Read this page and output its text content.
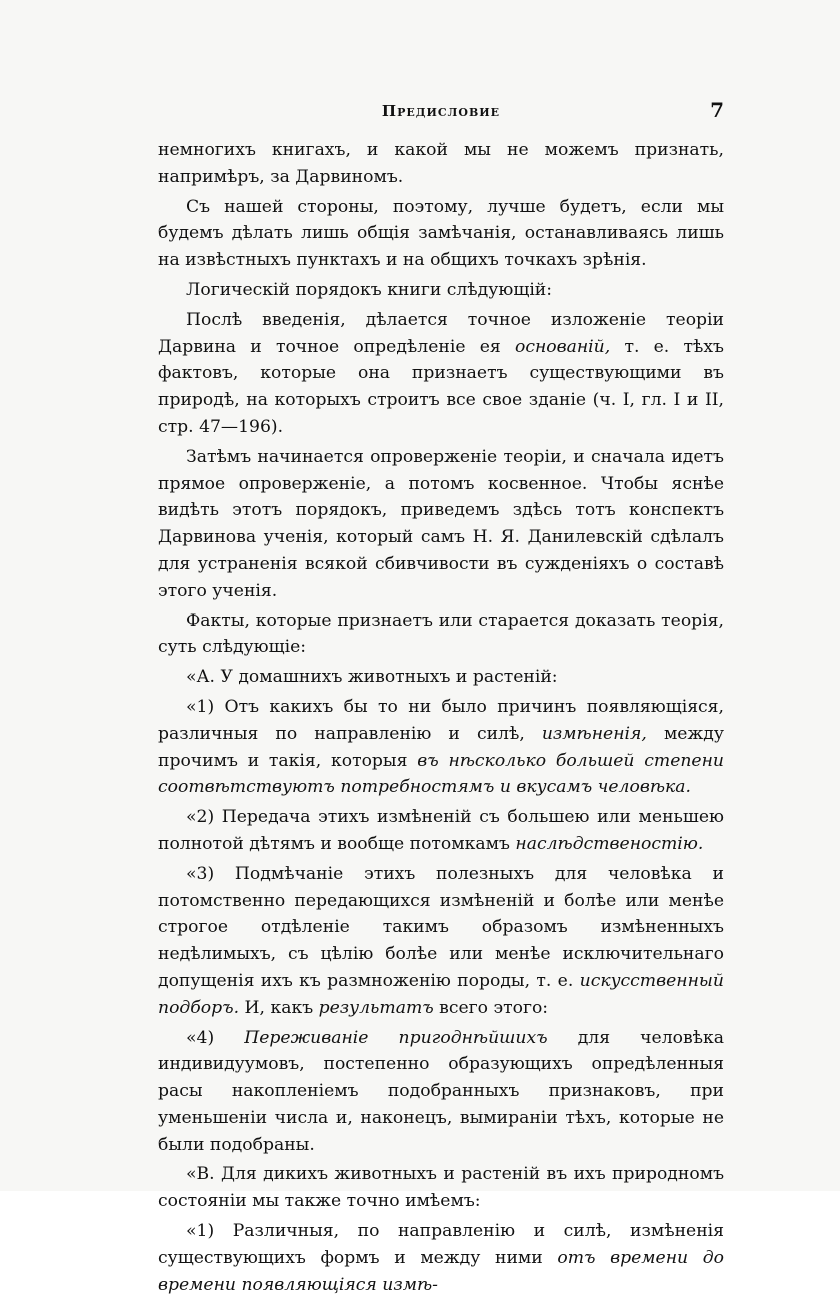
Предисловие	7

немногихъ книгахъ, и какой мы не можемъ признать, напримѣръ, за Дарвиномъ.

Съ нашей стороны, поэтому, лучше будетъ, если мы будемъ дѣлать лишь общія замѣчанія, останавливаясь лишь на извѣстныхъ пунктахъ и на общихъ точкахъ зрѣнія.

Логическій порядокъ книги слѣдующій:

Послѣ введенія, дѣлается точное изложеніе теоріи Дарвина и точное опредѣленіе ея основаній, т. е. тѣхъ фактовъ, которые она признаетъ существующими въ природѣ, на которыхъ строитъ все свое зданіе (ч. I, гл. I и II, стр. 47—196).

Затѣмъ начинается опроверженіе теоріи, и сначала идетъ прямое опроверженіе, а потомъ косвенное. Чтобы яснѣе видѣть этотъ порядокъ, приведемъ здѣсь тотъ конспектъ Дарвинова ученія, который самъ Н. Я. Данилевскій сдѣлалъ для устраненія всякой сбивчивости въ сужденіяхъ о составѣ этого ученія.

Факты, которые признаетъ или старается доказать теорія, суть слѣдующіе:

«А. У домашнихъ животныхъ и растеній:

«1) Отъ какихъ бы то ни было причинъ появляющіяся, различныя по направленію и силѣ, измѣненія, между прочимъ и такія, которыя въ нѣсколько большей степени соотвѣтствуютъ потребностямъ и вкусамъ человѣка.

«2) Передача этихъ измѣненій съ большею или меньшею полнотой дѣтямъ и вообще потомкамъ наслѣдственостію.

«3) Подмѣчаніе этихъ полезныхъ для человѣка и потомственно передающихся измѣненій и болѣе или менѣе строгое отдѣленіе такимъ образомъ измѣненныхъ недѣлимыхъ, съ цѣлію болѣе или менѣе исключительнаго допущенія ихъ къ размноженію породы, т. е. искусственный подборъ. И, какъ результатъ всего этого:

«4) Переживаніе пригоднѣйшихъ для человѣка индивидуумовъ, постепенно образующихъ опредѣленныя расы накопленіемъ подобранныхъ признаковъ, при уменьшеніи числа и, наконецъ, вымираніи тѣхъ, которые не были подобраны.

«В. Для дикихъ животныхъ и растеній въ ихъ природномъ состояніи мы также точно имѣемъ:

«1) Различныя, по направленію и силѣ, измѣненія существующихъ формъ и между ними отъ времени до времени появляющіяся измѣ-
